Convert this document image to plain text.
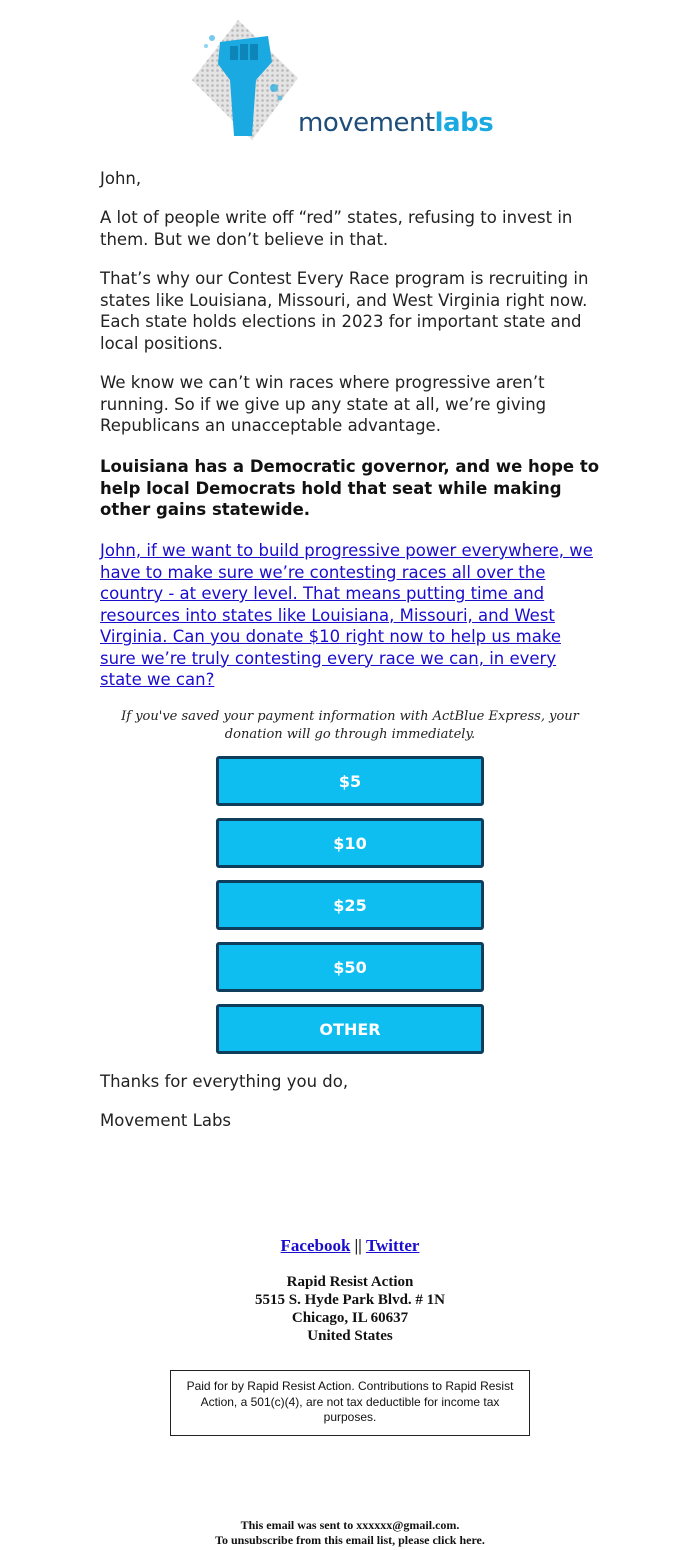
movementlabs

John,

A lot of people write off “red” states, refusing to invest in them. But we don’t believe in that.

That’s why our Contest Every Race program is recruiting in states like Louisiana, Missouri, and West Virginia right now. Each state holds elections in 2023 for important state and local positions.

We know we can’t win races where progressive aren’t running. So if we give up any state at all, we’re giving Republicans an unacceptable advantage.

Louisiana has a Democratic governor, and we hope to help local Democrats hold that seat while making other gains statewide.

John, if we want to build progressive power everywhere, we have to make sure we’re contesting races all over the country - at every level. That means putting time and resources into states like Louisiana, Missouri, and West Virginia. Can you donate $10 right now to help us make sure we’re truly contesting every race we can, in every state we can?

If you've saved your payment information with ActBlue Express, your donation will go through immediately.

$5
$10
$25
$50
OTHER

Thanks for everything you do,

Movement Labs

Facebook || Twitter
Rapid Resist Action
5515 S. Hyde Park Blvd. # 1N
Chicago, IL 60637
United States
Paid for by Rapid Resist Action. Contributions to Rapid Resist Action, a 501(c)(4), are not tax deductible for income tax purposes.
This email was sent to xxxxxx@gmail.com.
To unsubscribe from this email list, please click here.
